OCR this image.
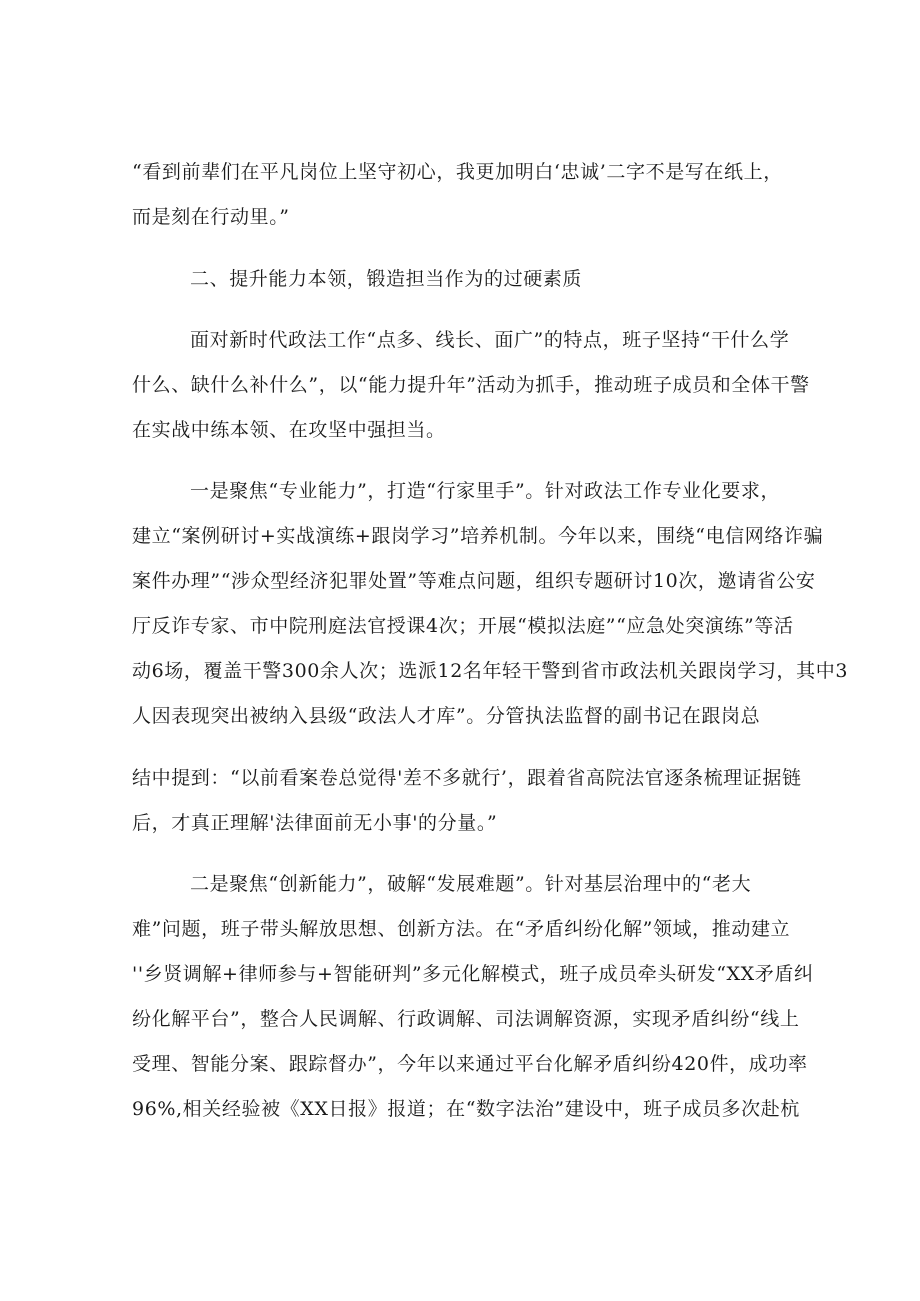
“看到前辈们在平凡岗位上坚守初心，我更加明白‘忠诚’二字不是写在纸上，
而是刻在行动里。”
二、提升能力本领，锻造担当作为的过硬素质
面对新时代政法工作“点多、线长、面广”的特点，班子坚持“干什么学
什么、缺什么补什么”，以“能力提升年”活动为抓手，推动班子成员和全体干警
在实战中练本领、在攻坚中强担当。
一是聚焦“专业能力”，打造“行家里手”。针对政法工作专业化要求，
建立“案例研讨+实战演练+跟岗学习”培养机制。今年以来，围绕“电信网络诈骗
案件办理”“涉众型经济犯罪处置”等难点问题，组织专题研讨10次，邀请省公安
厅反诈专家、市中院刑庭法官授课4次；开展“模拟法庭”“应急处突演练”等活
动6场，覆盖干警300余人次；选派12名年轻干警到省市政法机关跟岗学习，其中3
人因表现突出被纳入县级“政法人才库”。分管执法监督的副书记在跟岗总
结中提到：“以前看案卷总觉得'差不多就行’，跟着省高院法官逐条梳理证据链
后，才真正理解'法律面前无小事'的分量。”
二是聚焦“创新能力”，破解“发展难题”。针对基层治理中的“老大
难”问题，班子带头解放思想、创新方法。在“矛盾纠纷化解”领域，推动建立
''乡贤调解+律师参与+智能研判”多元化解模式，班子成员牵头研发“XX矛盾纠
纷化解平台”，整合人民调解、行政调解、司法调解资源，实现矛盾纠纷“线上
受理、智能分案、跟踪督办”，今年以来通过平台化解矛盾纠纷420件，成功率
96%,相关经验被《XX日报》报道；在“数字法治”建设中，班子成员多次赴杭
